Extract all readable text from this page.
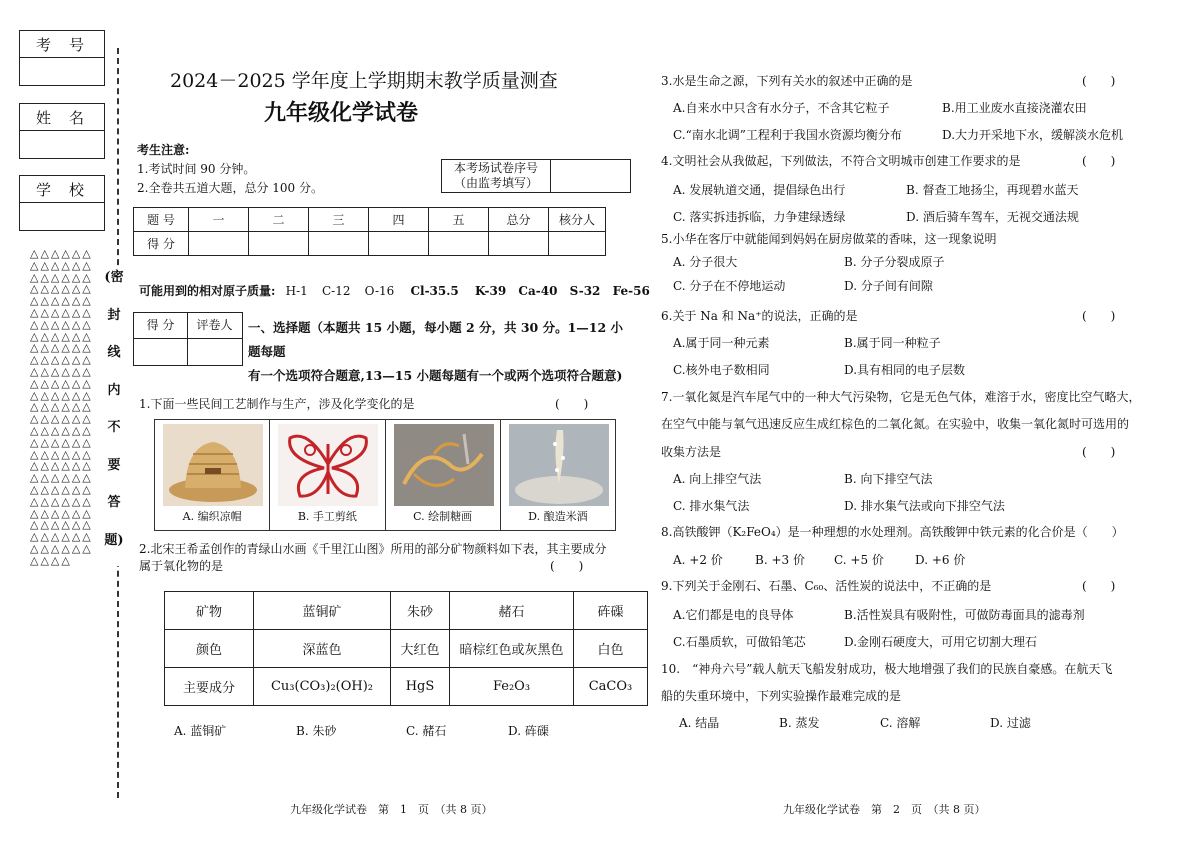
考号
姓名
学校
△△△△△△△△△△△△△△△△△△△△△△△△△△△△△△△△△△△△△△△△△△△△△△△△△△△△△△△△△△△△△△△△△△△△△△△△△△△△△△△△△△△△△△△△△△△△△△△△△△△△△△△△△△△△△△△△△△△△△△△△△△△△△△△△△△△△△△△△△△△△△△△△△△△△△△△△△△△△△△△△
(密
封
线
内
不
要
答
题)
2024－2025 学年度上学期期末教学质量测查
九年级化学试卷
考生注意:
1.考试时间 90 分钟。
2.全卷共五道大题，总分 100 分。
本考场试卷序号
（由监考填写）
题 号	一	二	三	四	五	总分	核分人
得 分							
可能用到的相对原子质量: H-1 C-12 O-16 Cl-35.5 K-39 Ca-40 S-32 Fe-56
得 分	评卷人	一、选择题（本题共 15 小题，每小题 2 分，共 30 分。1—12 小题每题
有一个选项符合题意,13—15 小题每题有一个或两个选项符合题意)
1.下面一些民间工艺制作与生产，涉及化学变化的是	(　　)
A. 编织凉帽	B. 手工剪纸	C. 绘制糖画	D. 酿造米酒
2.北宋王希孟创作的青绿山水画《千里江山图》所用的部分矿物颜料如下表，其主要成分
属于氧化物的是	(　　)
矿物	蓝铜矿	朱砂	赭石	砗磲
颜色	深蓝色	大红色	暗棕红色或灰黑色	白色
主要成分	Cu₃(CO₃)₂(OH)₂	HgS	Fe₂O₃	CaCO₃
A. 蓝铜矿	B. 朱砂	C. 赭石	D. 砗磲
九年级化学试卷　第　1　页　（共 8 页）
3.水是生命之源，下列有关水的叙述中正确的是	(　　)
A.自来水中只含有水分子，不含其它粒子	B.用工业废水直接浇灌农田
C.“南水北调”工程利于我国水资源均衡分布	D.大力开采地下水，缓解淡水危机
4.文明社会从我做起，下列做法，不符合文明城市创建工作要求的是	(　　)
A. 发展轨道交通，提倡绿色出行	B. 督查工地扬尘，再现碧水蓝天
C. 落实拆违拆临，力争建绿透绿	D. 酒后骑车驾车，无视交通法规
5.小华在客厅中就能闻到妈妈在厨房做菜的香味，这一现象说明
A. 分子很大	B. 分子分裂成原子
C. 分子在不停地运动	D. 分子间有间隙
6.关于 Na 和 Na⁺的说法，正确的是	(　　)
A.属于同一种元素	B.属于同一种粒子
C.核外电子数相同	D.具有相同的电子层数
7.一氧化氮是汽车尾气中的一种大气污染物，它是无色气体，难溶于水，密度比空气略大，
在空气中能与氧气迅速反应生成红棕色的二氧化氮。在实验中，收集一氧化氮时可选用的
收集方法是	(　　)
A. 向上排空气法	B. 向下排空气法
C. 排水集气法	D. 排水集气法或向下排空气法
8.高铁酸钾（K₂FeO₄）是一种理想的水处理剂。高铁酸钾中铁元素的化合价是（　　）
A. +2 价	B. +3 价 C. +5 价	D. +6 价
9.下列关于金刚石、石墨、C₆₀、活性炭的说法中，不正确的是	(　　)
A.它们都是电的良导体	B.活性炭具有吸附性，可做防毒面具的滤毒剂
C.石墨质软，可做铅笔芯	D.金刚石硬度大，可用它切割大理石
10.　“神舟六号”载人航天飞船发射成功，极大地增强了我们的民族自豪感。在航天飞
船的失重环境中，下列实验操作最难完成的是
A. 结晶	B. 蒸发	C. 溶解	D. 过滤
九年级化学试卷　第　2　页　（共 8 页）
